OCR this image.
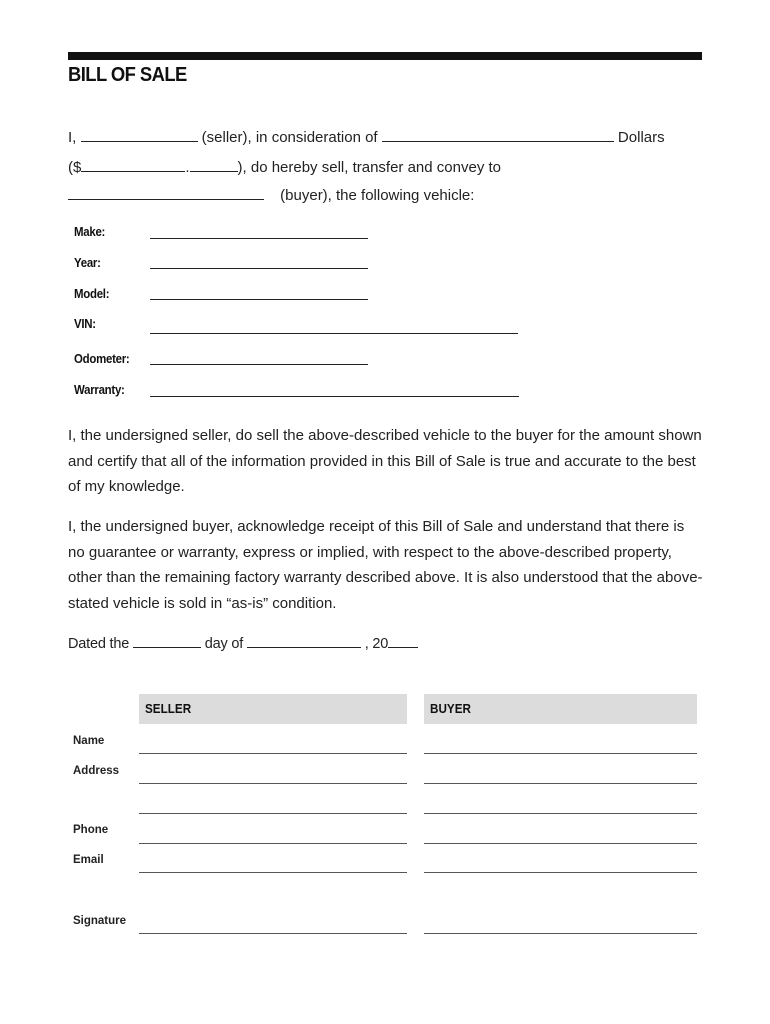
BILL OF SALE
I,	(seller), in consideration of	Dollars
($	.	), do hereby sell, transfer and convey to
(buyer), the following vehicle:
Make:
Year:
Model:
VIN:
Odometer:
Warranty:
I, the undersigned seller, do sell the above-described vehicle to the buyer for the amount shown and certify that all of the information provided in this Bill of Sale is true and accurate to the best of my knowledge.
I, the undersigned buyer, acknowledge receipt of this Bill of Sale and understand that there is no guarantee or warranty, express or implied, with respect to the above-described property, other than the remaining factory warranty described above. It is also understood that the above-stated vehicle is sold in “as-is” condition.
Dated the	day of	, 20
SELLER	BUYER
Name
Address
Phone
Email
Signature
